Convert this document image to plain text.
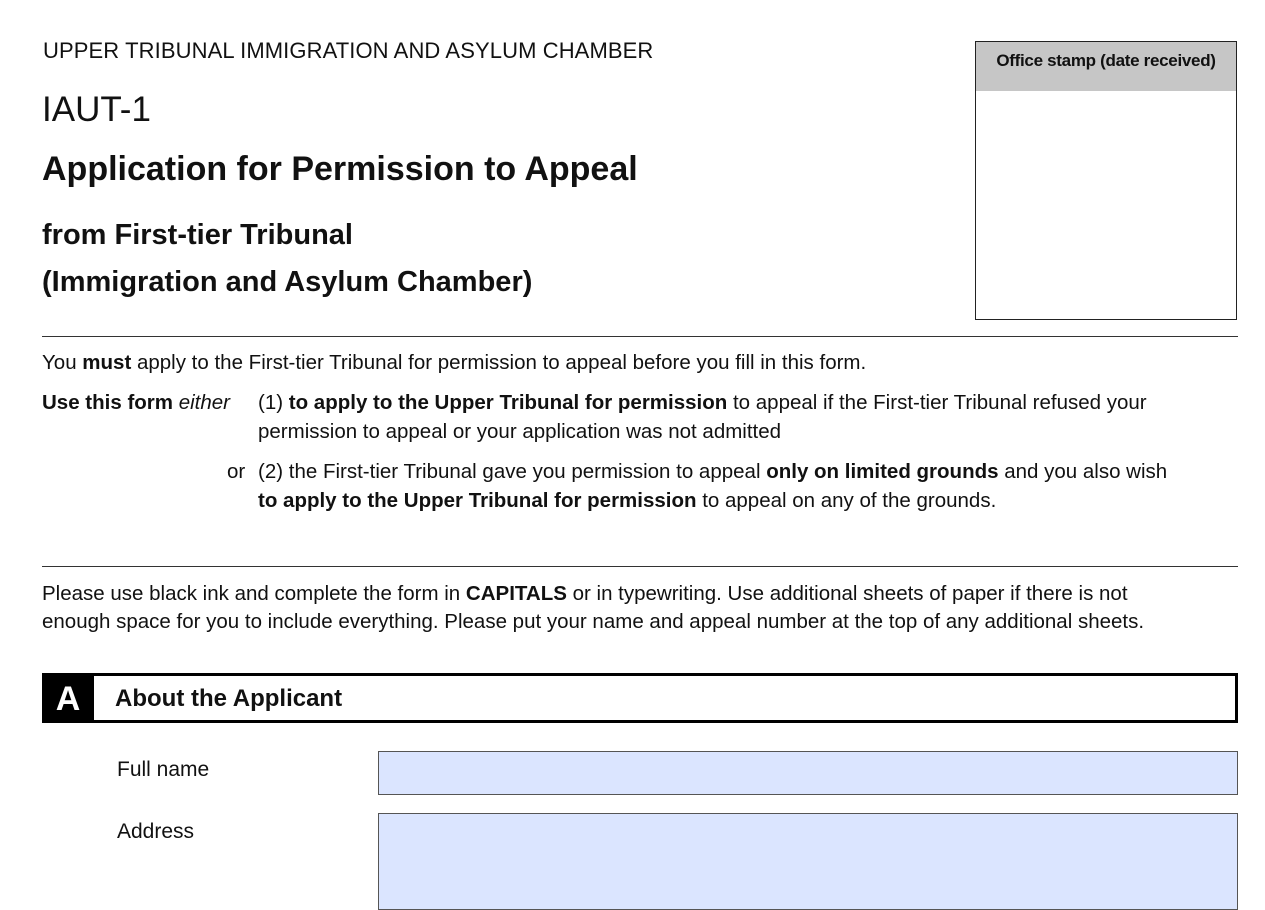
UPPER TRIBUNAL IMMIGRATION AND ASYLUM CHAMBER
IAUT-1
Application for Permission to Appeal
from First-tier Tribunal
(Immigration and Asylum Chamber)
Office stamp (date received)
You must apply to the First-tier Tribunal for permission to appeal before you fill in this form.
Use this form either (1) to apply to the Upper Tribunal for permission to appeal if the First-tier Tribunal refused your
permission to appeal or your application was not admitted
or (2) the First-tier Tribunal gave you permission to appeal only on limited grounds and you also wish
to apply to the Upper Tribunal for permission to appeal on any of the grounds.
Please use black ink and complete the form in CAPITALS or in typewriting. Use additional sheets of paper if there is not
enough space for you to include everything. Please put your name and appeal number at the top of any additional sheets.
A	About the Applicant
Full name
Address
